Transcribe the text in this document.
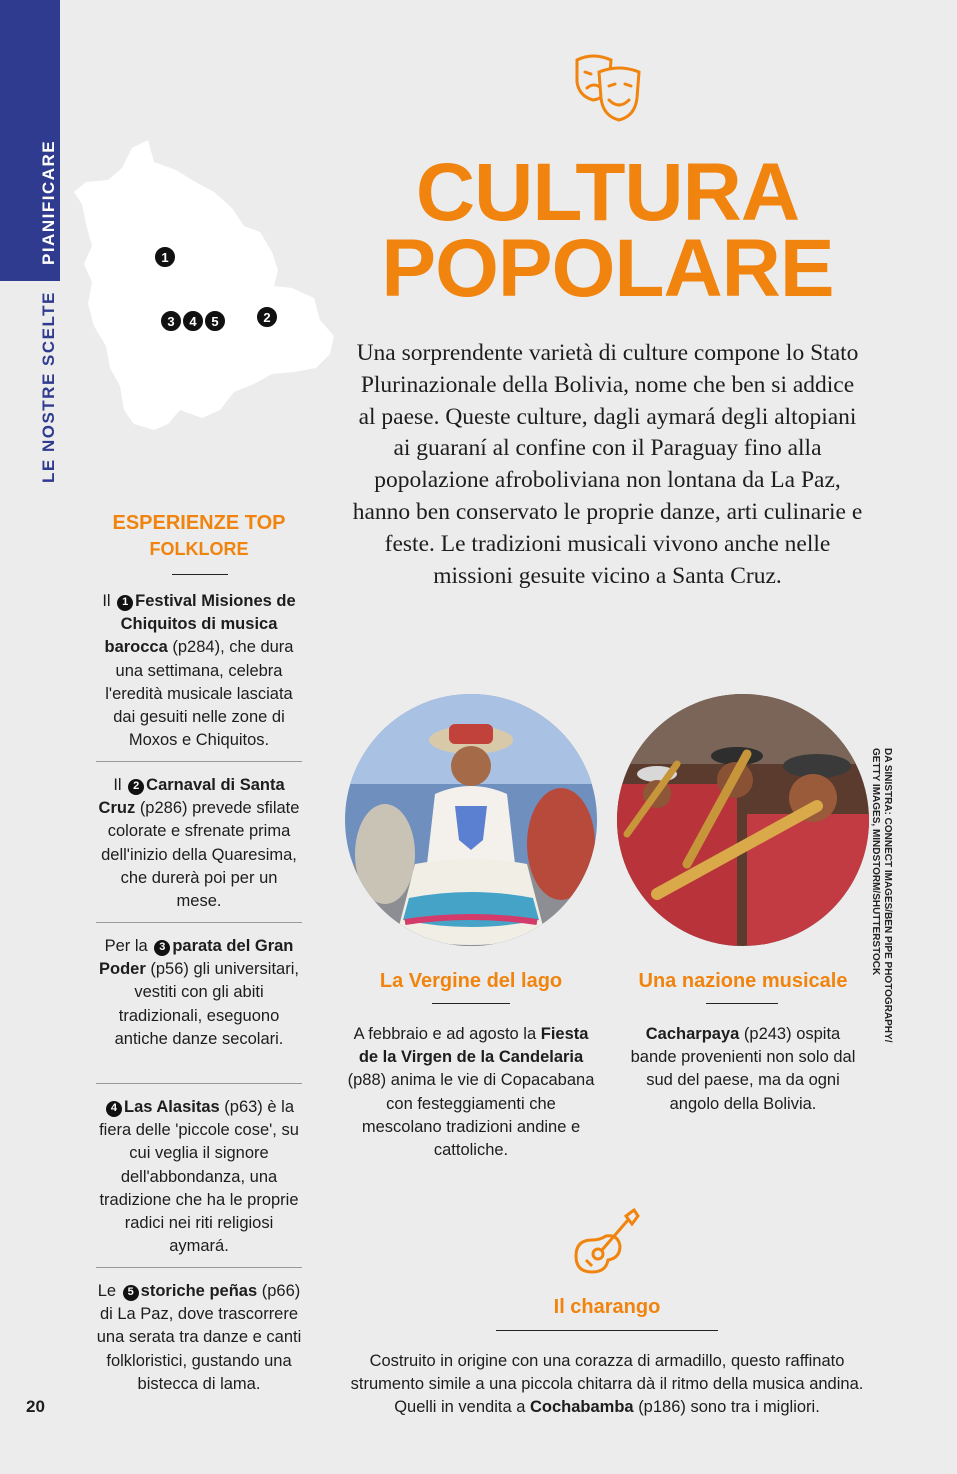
PIANIFICARE
LE NOSTRE SCELTE
1
2
3	4	5
CULTURA
POPOLARE
Una sorprendente varietà di culture compone lo Stato Plurinazionale della Bolivia, nome che ben si addice al paese. Queste culture, dagli aymará degli altopiani ai guaraní al confine con il Paraguay fino alla popolazione afroboliviana non lontana da La Paz, hanno ben conservato le proprie danze, arti culinarie e feste. Le tradizioni musicali vivono anche nelle missioni gesuite vicino a Santa Cruz.
ESPERIENZE TOP
FOLKLORE
Il 1 Festival Misiones de Chiquitos di musica barocca (p284), che dura una settimana, celebra l'eredità musicale lasciata dai gesuiti nelle zone di Moxos e Chiquitos.
Il 2 Carnaval di Santa Cruz (p286) prevede sfilate colorate e sfrenate prima dell'inizio della Quaresima, che durerà poi per un mese.
Per la 3 parata del Gran Poder (p56) gli universitari, vestiti con gli abiti tradizionali, eseguono antiche danze secolari.
4 Las Alasitas (p63) è la fiera delle 'piccole cose', su cui veglia il signore dell'abbondanza, una tradizione che ha le proprie radici nei riti religiosi aymará.
Le 5 storiche peñas (p66) di La Paz, dove trascorrere una serata tra danze e canti folkloristici, gustando una bistecca di lama.
DA SINISTRA: CONNECT IMAGES/BEN PIPE PHOTOGRAPHY/
GETTY IMAGES, MINDSTORM/SHUTTERSTOCK
La Vergine del lago
A febbraio e ad agosto la Fiesta de la Virgen de la Candelaria (p88) anima le vie di Copacabana con festeggiamenti che mescolano tradizioni andine e cattoliche.
Una nazione musicale
Cacharpaya (p243) ospita bande provenienti non solo dal sud del paese, ma da ogni angolo della Bolivia.
Il charango
Costruito in origine con una corazza di armadillo, questo raffinato strumento simile a una piccola chitarra dà il ritmo della musica andina. Quelli in vendita a Cochabamba (p186) sono tra i migliori.
20
